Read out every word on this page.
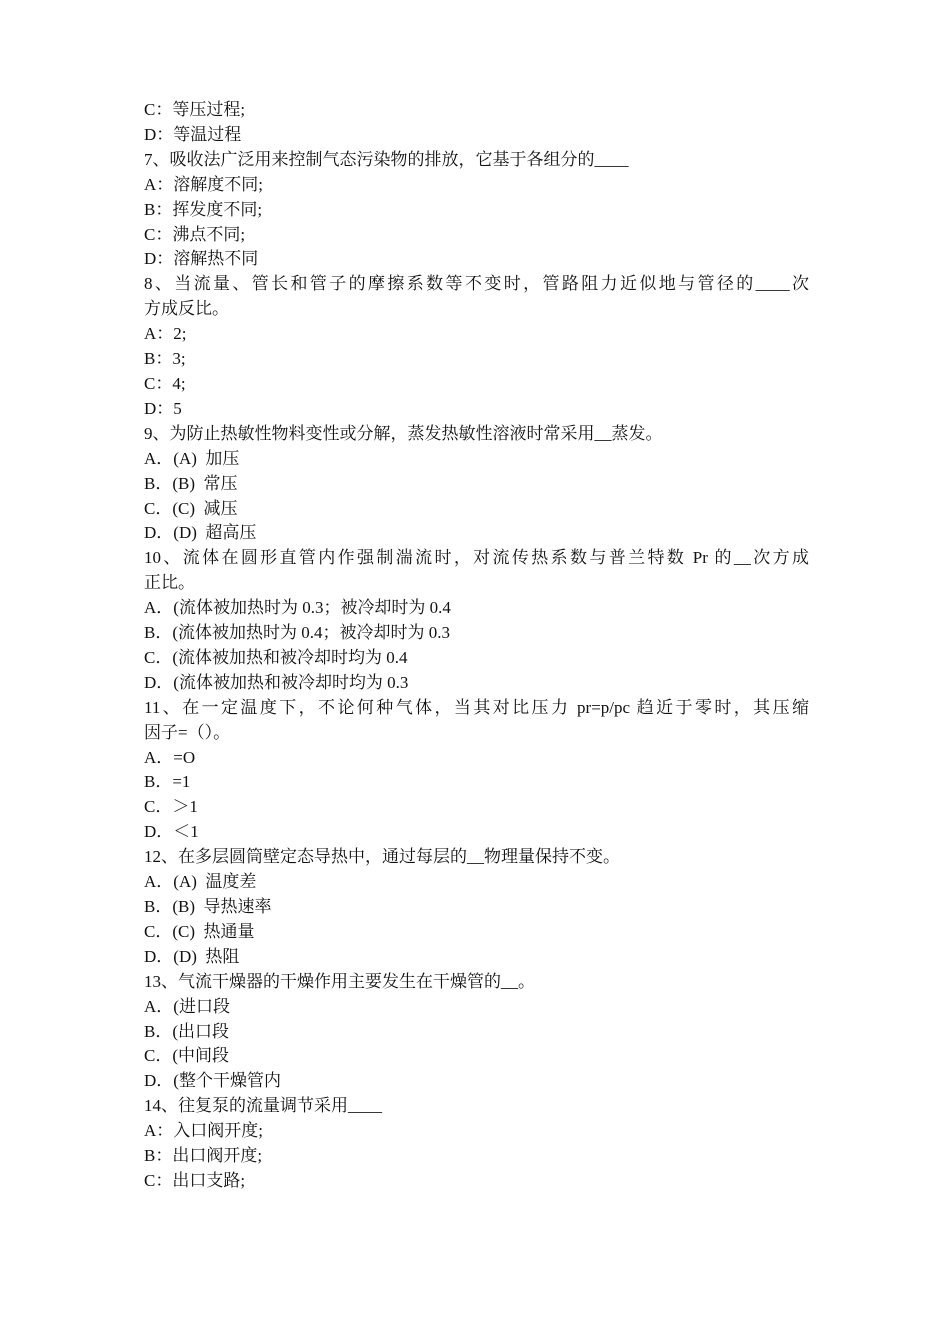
C：等压过程;

D：等温过程

7、吸收法广泛用来控制气态污染物的排放，它基于各组分的____

A：溶解度不同;

B：挥发度不同;

C：沸点不同;

D：溶解热不同

8、当流量、管长和管子的摩擦系数等不变时，管路阻力近似地与管径的____次

方成反比。

A：2;

B：3;

C：4;

D：5

9、为防止热敏性物料变性或分解，蒸发热敏性溶液时常采用__蒸发。

A．(A)  加压

B．(B)  常压

C．(C)  减压

D．(D)  超高压

10、流体在圆形直管内作强制湍流时，对流传热系数与普兰特数 Pr 的__次方成

正比。

A．(流体被加热时为 0.3；被冷却时为 0.4

B．(流体被加热时为 0.4；被冷却时为 0.3

C．(流体被加热和被冷却时均为 0.4

D．(流体被加热和被冷却时均为 0.3

11、在一定温度下，不论何种气体，当其对比压力 pr=p/pc 趋近于零时，其压缩

因子=（）。

A．=O

B．=1

C．＞1

D．＜1

12、在多层圆筒壁定态导热中，通过每层的__物理量保持不变。

A．(A)  温度差

B．(B)  导热速率

C．(C)  热通量

D．(D)  热阻

13、气流干燥器的干燥作用主要发生在干燥管的__。

A．(进口段

B．(出口段

C．(中间段

D．(整个干燥管内

14、往复泵的流量调节采用____

A：入口阀开度;

B：出口阀开度;

C：出口支路;
